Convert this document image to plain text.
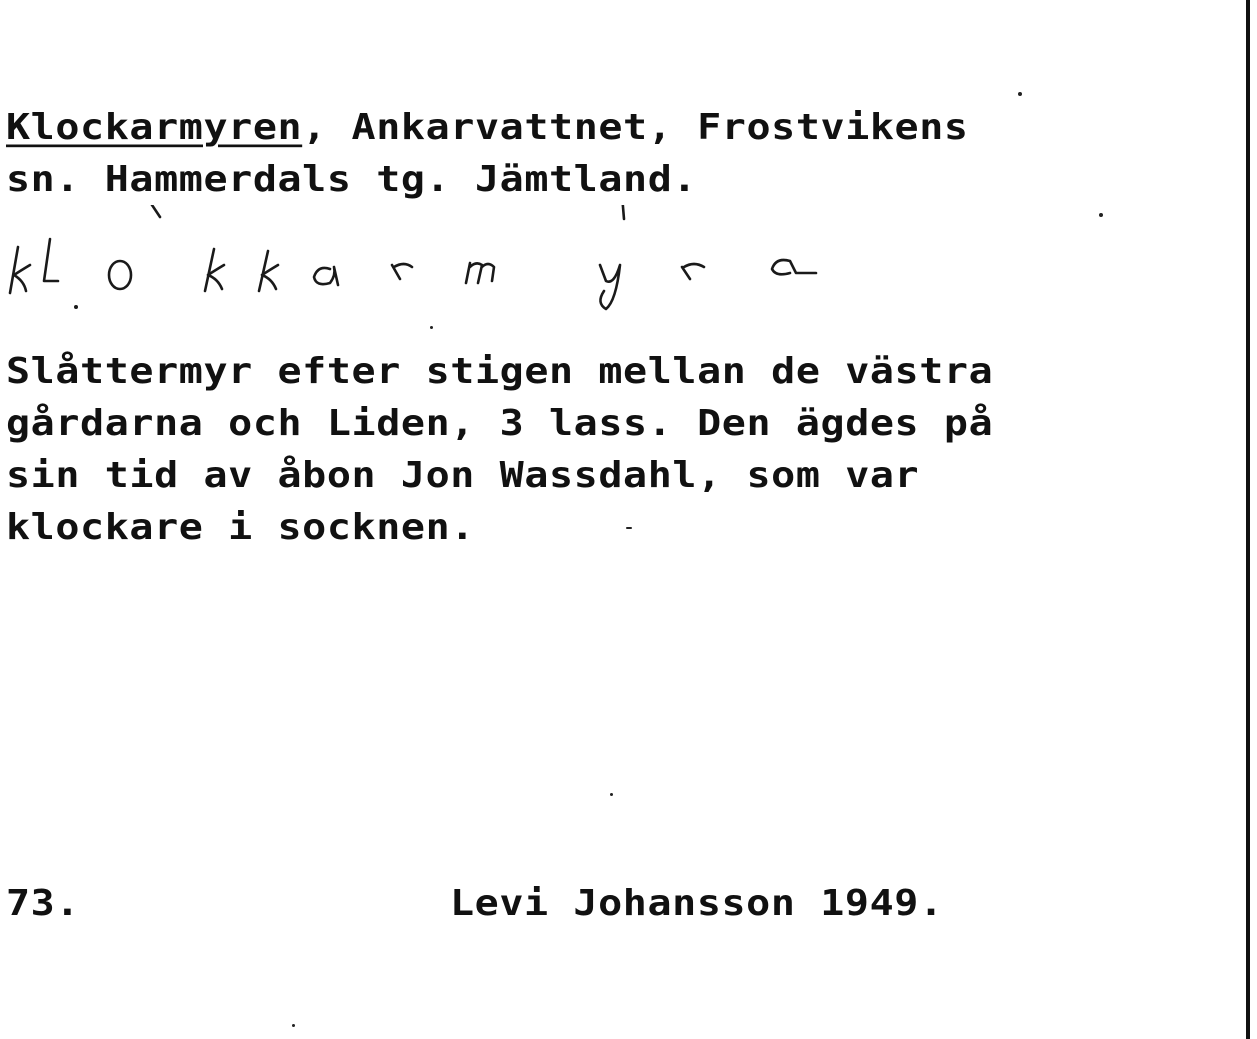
Klockarmyren, Ankarvattnet, Frostvikens
sn. Hammerdals tg. Jämtland.
Slåttermyr efter stigen mellan de västra
gårdarna och Liden, 3 lass. Den ägdes på
sin tid av åbon Jon Wassdahl, som var
klockare i socknen.
73.	Levi Johansson 1949.
